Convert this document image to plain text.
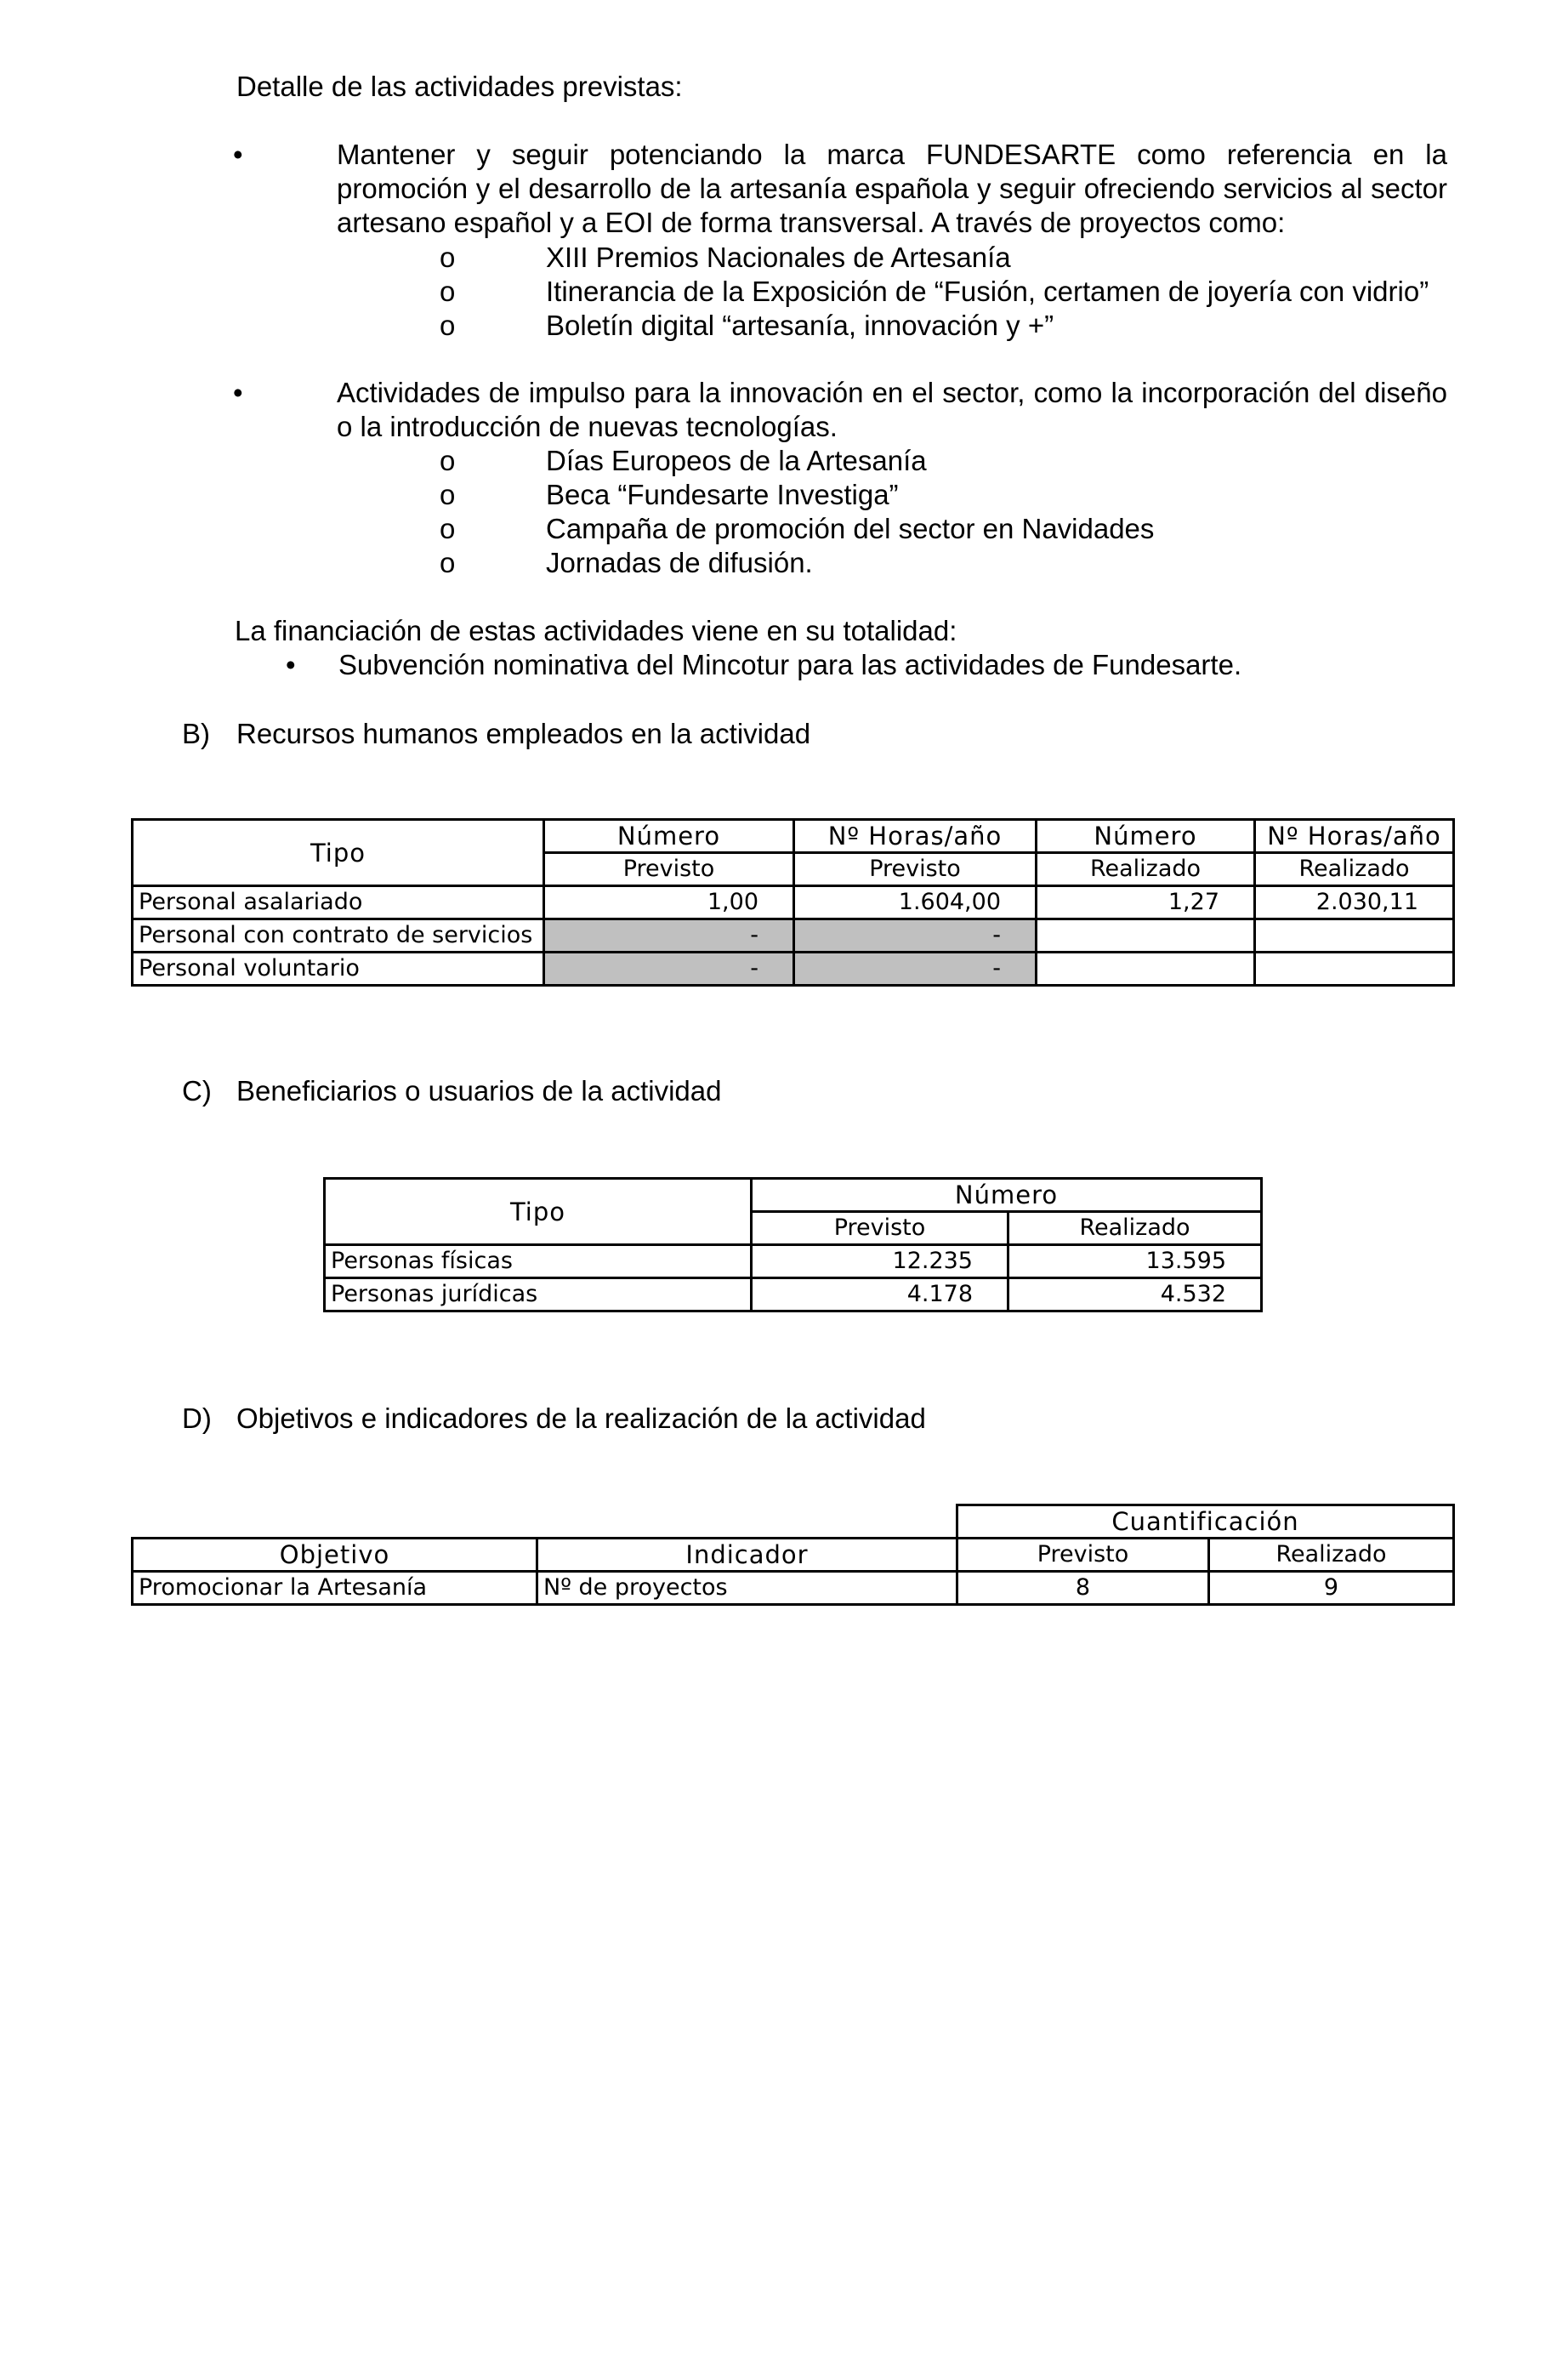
Detalle de las actividades previstas:
•	Mantener y seguir potenciando la marca FUNDESARTE como referencia en la promoción y el desarrollo de la artesanía española y seguir ofreciendo servicios al sector artesano español y a EOI de forma transversal. A través de proyectos como:
o	XIII Premios Nacionales de Artesanía
o	Itinerancia de la Exposición de “Fusión, certamen de joyería con vidrio”
o	Boletín digital “artesanía, innovación y +”
•	Actividades de impulso para la innovación en el sector, como la incorporación del diseño o la introducción de nuevas tecnologías.
o	Días Europeos de la Artesanía
o	Beca “Fundesarte Investiga”
o	Campaña de promoción del sector en Navidades
o	Jornadas de difusión.
La financiación de estas actividades viene en su totalidad:
• Subvención nominativa del Mincotur para las actividades de Fundesarte.
B) Recursos humanos empleados en la actividad
Tipo	Número	Nº Horas/año	Número	Nº Horas/año
	Previsto	Previsto	Realizado	Realizado
Personal asalariado	1,00	1.604,00	1,27	2.030,11
Personal con contrato de servicios	-	-		
Personal voluntario	-	-		
C) Beneficiarios o usuarios de la actividad
Tipo	Número	
	Previsto	Realizado
Personas físicas	12.235	13.595
Personas jurídicas	4.178	4.532
D) Objetivos e indicadores de la realización de la actividad
		Cuantificación	
Objetivo	Indicador	Previsto	Realizado
Promocionar la Artesanía	Nº de proyectos	8	9
